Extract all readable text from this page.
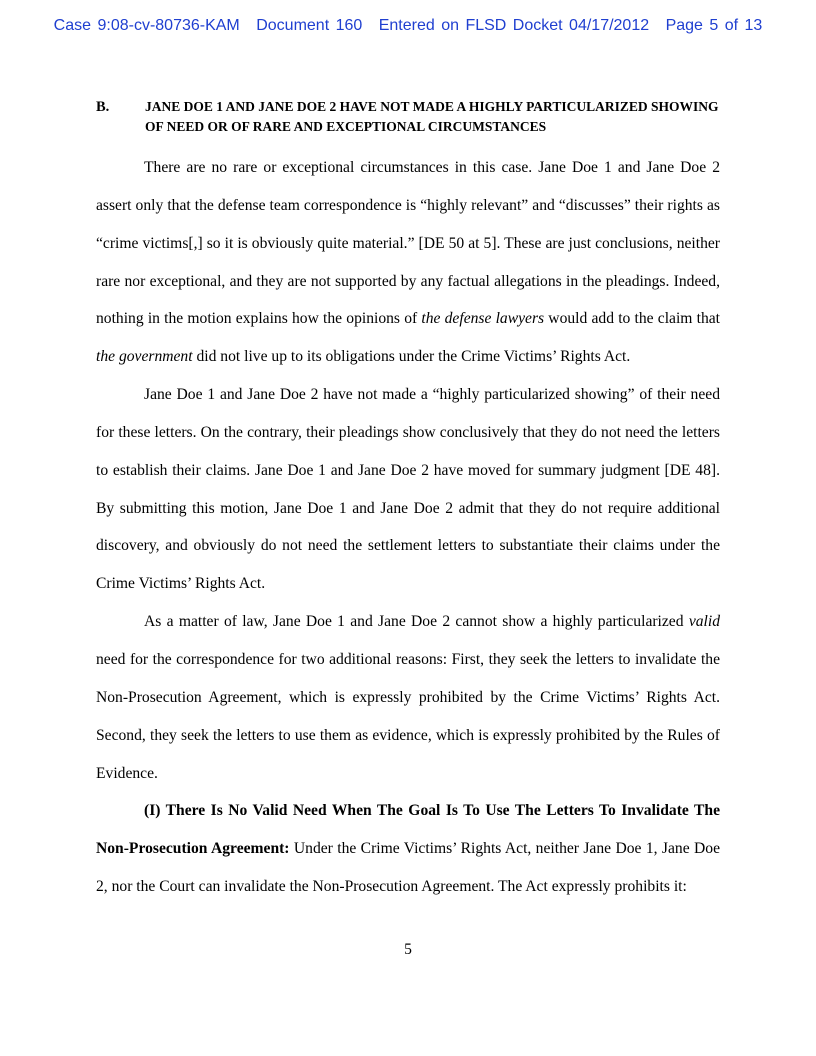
Case 9:08-cv-80736-KAM Document 160 Entered on FLSD Docket 04/17/2012 Page 5 of 13
B.	JANE DOE 1 AND JANE DOE 2 HAVE NOT MADE A HIGHLY PARTICULARIZED SHOWING OF NEED OR OF RARE AND EXCEPTIONAL CIRCUMSTANCES

There are no rare or exceptional circumstances in this case. Jane Doe 1 and Jane Doe 2 assert only that the defense team correspondence is “highly relevant” and “discusses” their rights as “crime victims[,] so it is obviously quite material.” [DE 50 at 5]. These are just conclusions, neither rare nor exceptional, and they are not supported by any factual allegations in the pleadings. Indeed, nothing in the motion explains how the opinions of the defense lawyers would add to the claim that the government did not live up to its obligations under the Crime Victims’ Rights Act.

Jane Doe 1 and Jane Doe 2 have not made a “highly particularized showing” of their need for these letters. On the contrary, their pleadings show conclusively that they do not need the letters to establish their claims. Jane Doe 1 and Jane Doe 2 have moved for summary judgment [DE 48]. By submitting this motion, Jane Doe 1 and Jane Doe 2 admit that they do not require additional discovery, and obviously do not need the settlement letters to substantiate their claims under the Crime Victims’ Rights Act.

As a matter of law, Jane Doe 1 and Jane Doe 2 cannot show a highly particularized valid need for the correspondence for two additional reasons: First, they seek the letters to invalidate the Non-Prosecution Agreement, which is expressly prohibited by the Crime Victims’ Rights Act. Second, they seek the letters to use them as evidence, which is expressly prohibited by the Rules of Evidence.

(I) There Is No Valid Need When The Goal Is To Use The Letters To Invalidate The Non-Prosecution Agreement: Under the Crime Victims’ Rights Act, neither Jane Doe 1, Jane Doe 2, nor the Court can invalidate the Non-Prosecution Agreement. The Act expressly prohibits it:

5
